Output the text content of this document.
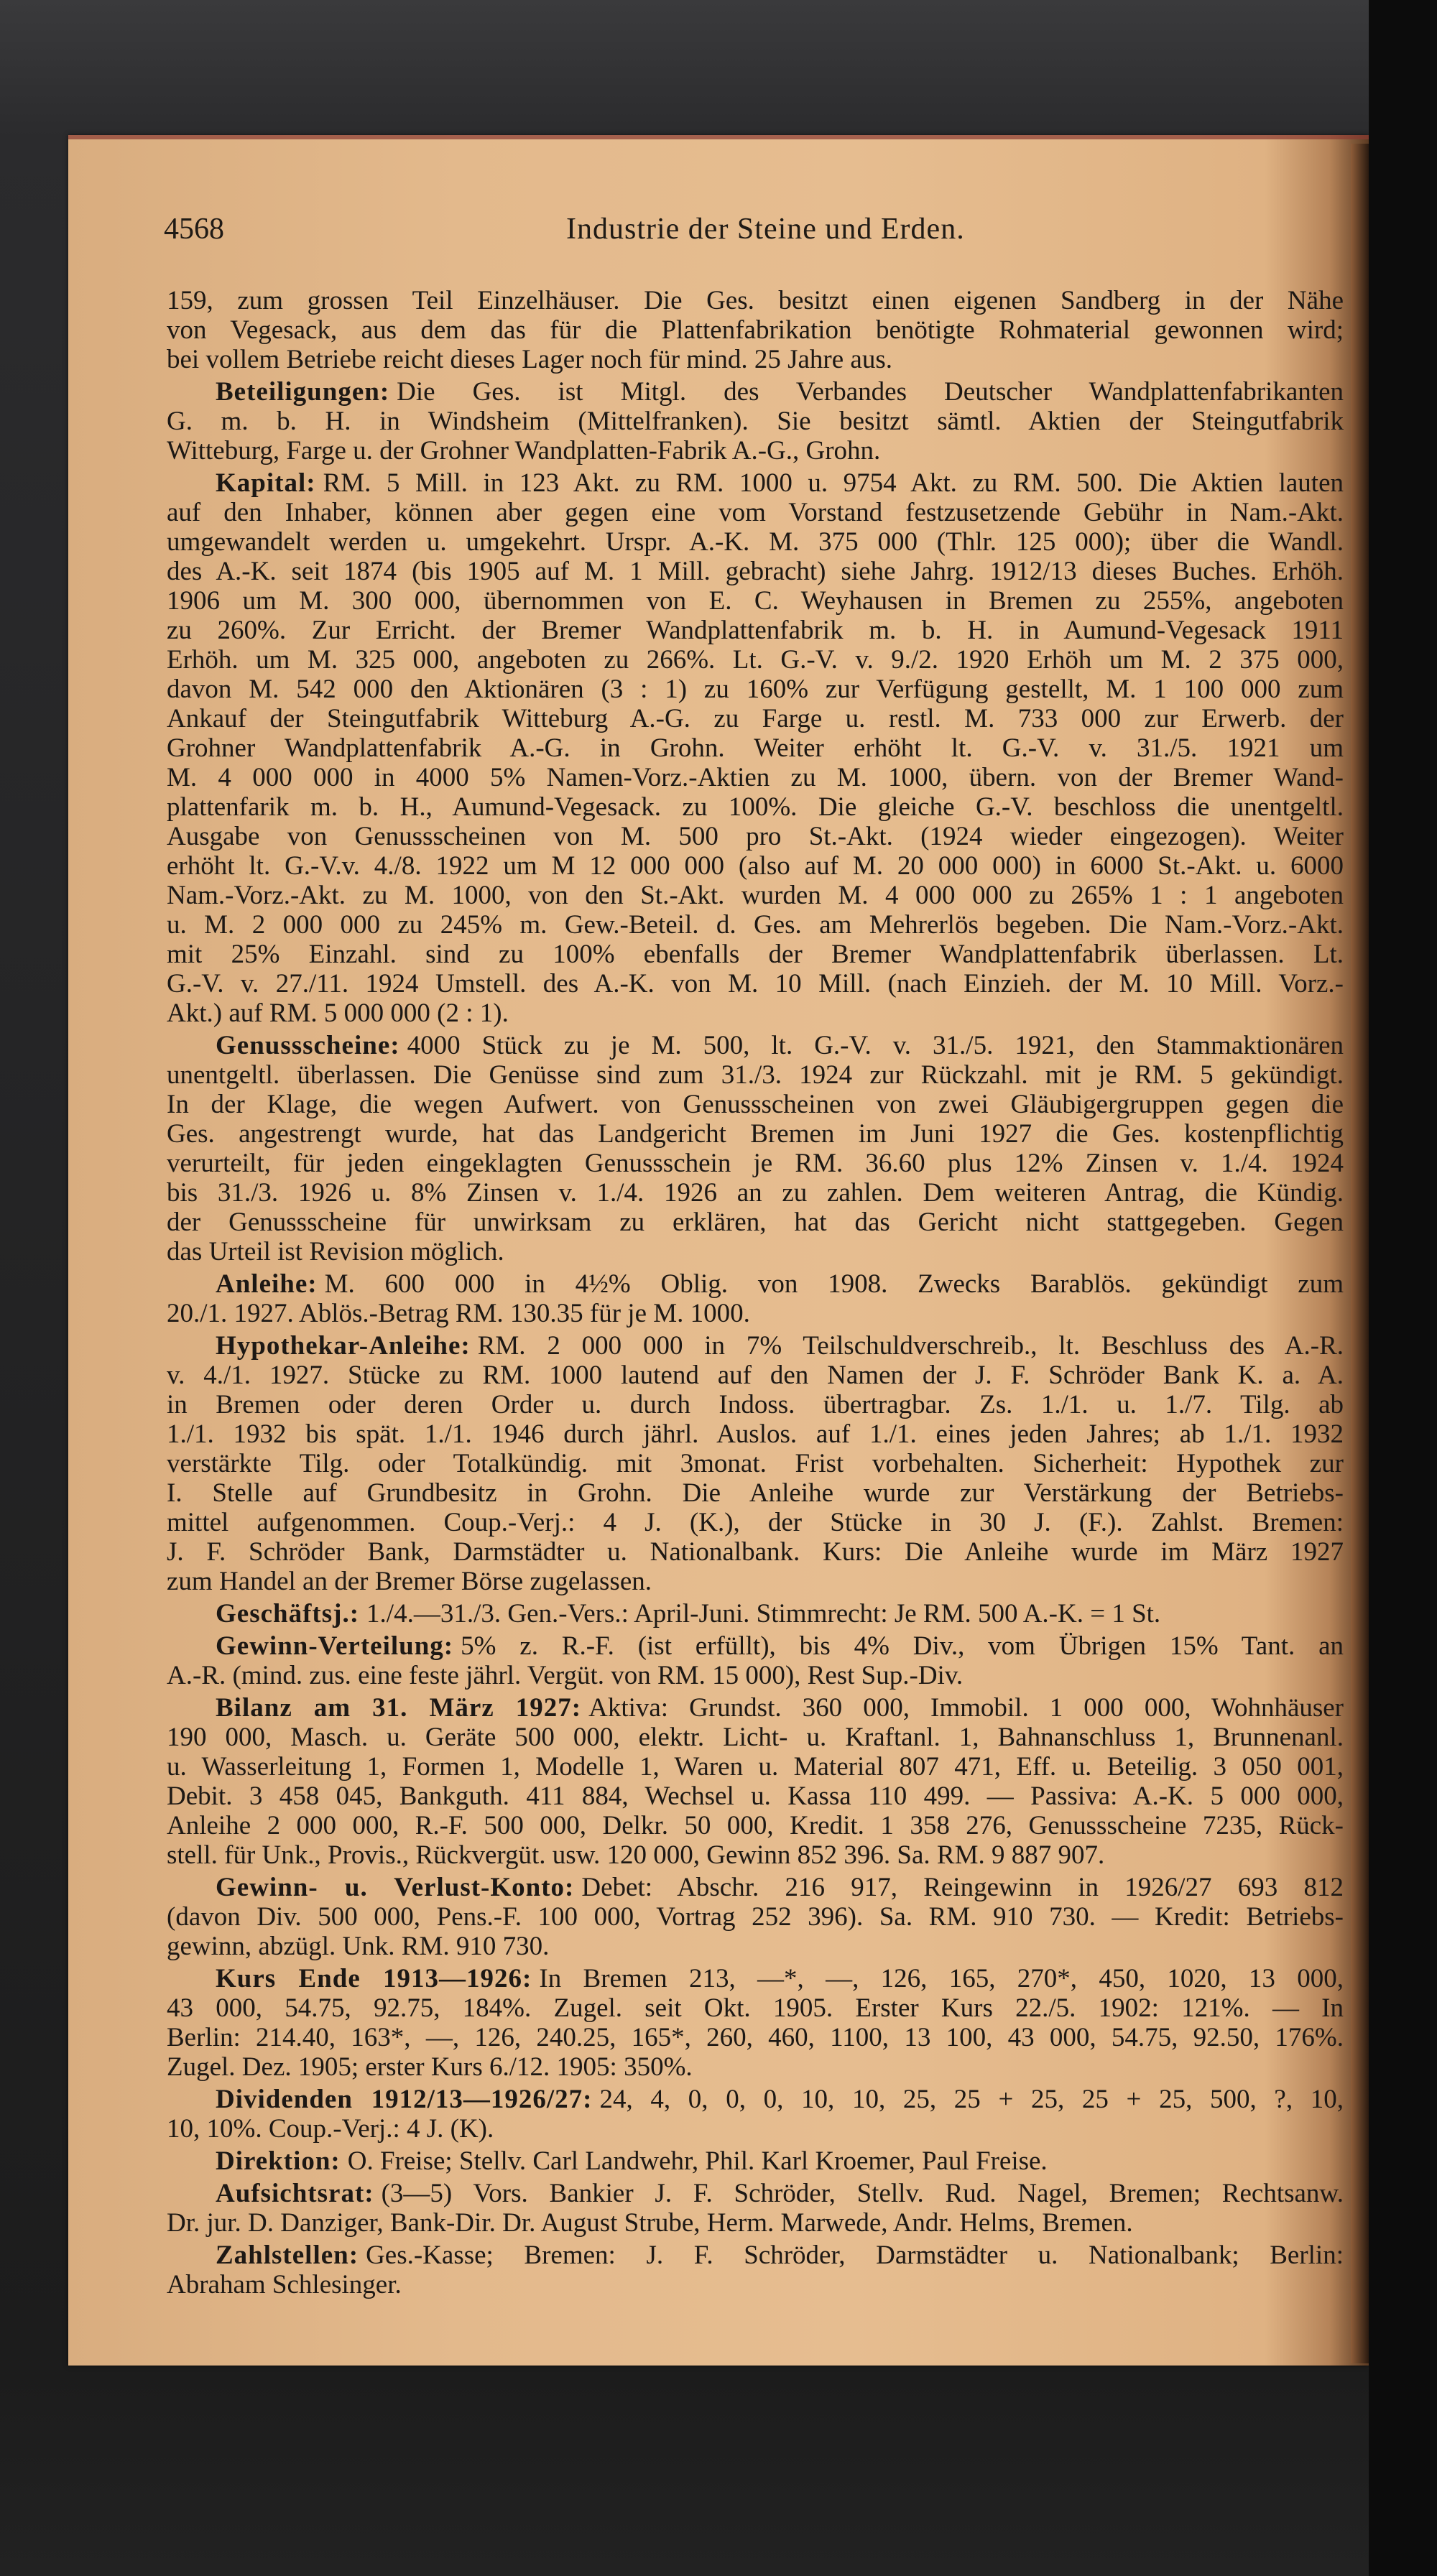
4568	Industrie der Steine und Erden.
159, zum grossen Teil Einzelhäuser. Die Ges. besitzt einen eigenen Sandberg in der Nähe
von Vegesack, aus dem das für die Plattenfabrikation benötigte Rohmaterial gewonnen wird;
bei vollem Betriebe reicht dieses Lager noch für mind. 25 Jahre aus.
Beteiligungen: Die Ges. ist Mitgl. des Verbandes Deutscher Wandplattenfabrikanten
G. m. b. H. in Windsheim (Mittelfranken). Sie besitzt sämtl. Aktien der Steingutfabrik
Witteburg, Farge u. der Grohner Wandplatten-Fabrik A.-G., Grohn.
Kapital: RM. 5 Mill. in 123 Akt. zu RM. 1000 u. 9754 Akt. zu RM. 500. Die Aktien lauten
auf den Inhaber, können aber gegen eine vom Vorstand festzusetzende Gebühr in Nam.-Akt.
umgewandelt werden u. umgekehrt. Urspr. A.-K. M. 375 000 (Thlr. 125 000); über die Wandl.
des A.-K. seit 1874 (bis 1905 auf M. 1 Mill. gebracht) siehe Jahrg. 1912/13 dieses Buches. Erhöh.
1906 um M. 300 000, übernommen von E. C. Weyhausen in Bremen zu 255%, angeboten
zu 260%. Zur Erricht. der Bremer Wandplattenfabrik m. b. H. in Aumund-Vegesack 1911
Erhöh. um M. 325 000, angeboten zu 266%. Lt. G.-V. v. 9./2. 1920 Erhöh um M. 2 375 000,
davon M. 542 000 den Aktionären (3 : 1) zu 160% zur Verfügung gestellt, M. 1 100 000 zum
Ankauf der Steingutfabrik Witteburg A.-G. zu Farge u. restl. M. 733 000 zur Erwerb. der
Grohner Wandplattenfabrik A.-G. in Grohn. Weiter erhöht lt. G.-V. v. 31./5. 1921 um
M. 4 000 000 in 4000 5% Namen-Vorz.-Aktien zu M. 1000, übern. von der Bremer Wand-
plattenfarik m. b. H., Aumund-Vegesack. zu 100%. Die gleiche G.-V. beschloss die unentgeltl.
Ausgabe von Genussscheinen von M. 500 pro St.-Akt. (1924 wieder eingezogen). Weiter
erhöht lt. G.-V.v. 4./8. 1922 um M 12 000 000 (also auf M. 20 000 000) in 6000 St.-Akt. u. 6000
Nam.-Vorz.-Akt. zu M. 1000, von den St.-Akt. wurden M. 4 000 000 zu 265% 1 : 1 angeboten
u. M. 2 000 000 zu 245% m. Gew.-Beteil. d. Ges. am Mehrerlös begeben. Die Nam.-Vorz.-Akt.
mit 25% Einzahl. sind zu 100% ebenfalls der Bremer Wandplattenfabrik überlassen. Lt.
G.-V. v. 27./11. 1924 Umstell. des A.-K. von M. 10 Mill. (nach Einzieh. der M. 10 Mill. Vorz.-
Akt.) auf RM. 5 000 000 (2 : 1).
Genussscheine: 4000 Stück zu je M. 500, lt. G.-V. v. 31./5. 1921, den Stammaktionären
unentgeltl. überlassen. Die Genüsse sind zum 31./3. 1924 zur Rückzahl. mit je RM. 5 gekündigt.
In der Klage, die wegen Aufwert. von Genussscheinen von zwei Gläubigergruppen gegen die
Ges. angestrengt wurde, hat das Landgericht Bremen im Juni 1927 die Ges. kostenpflichtig
verurteilt, für jeden eingeklagten Genussschein je RM. 36.60 plus 12% Zinsen v. 1./4. 1924
bis 31./3. 1926 u. 8% Zinsen v. 1./4. 1926 an zu zahlen. Dem weiteren Antrag, die Kündig.
der Genussscheine für unwirksam zu erklären, hat das Gericht nicht stattgegeben. Gegen
das Urteil ist Revision möglich.
Anleihe: M. 600 000 in 4½% Oblig. von 1908. Zwecks Barablös. gekündigt zum
20./1. 1927. Ablös.-Betrag RM. 130.35 für je M. 1000.
Hypothekar-Anleihe: RM. 2 000 000 in 7% Teilschuldverschreib., lt. Beschluss des A.-R.
v. 4./1. 1927. Stücke zu RM. 1000 lautend auf den Namen der J. F. Schröder Bank K. a. A.
in Bremen oder deren Order u. durch Indoss. übertragbar. Zs. 1./1. u. 1./7. Tilg. ab
1./1. 1932 bis spät. 1./1. 1946 durch jährl. Auslos. auf 1./1. eines jeden Jahres; ab 1./1. 1932
verstärkte Tilg. oder Totalkündig. mit 3monat. Frist vorbehalten. Sicherheit: Hypothek zur
I. Stelle auf Grundbesitz in Grohn. Die Anleihe wurde zur Verstärkung der Betriebs-
mittel aufgenommen. Coup.-Verj.: 4 J. (K.), der Stücke in 30 J. (F.). Zahlst. Bremen:
J. F. Schröder Bank, Darmstädter u. Nationalbank. Kurs: Die Anleihe wurde im März 1927
zum Handel an der Bremer Börse zugelassen.
Geschäftsj.: 1./4.—31./3. Gen.-Vers.: April-Juni. Stimmrecht: Je RM. 500 A.-K. = 1 St.
Gewinn-Verteilung: 5% z. R.-F. (ist erfüllt), bis 4% Div., vom Übrigen 15% Tant. an
A.-R. (mind. zus. eine feste jährl. Vergüt. von RM. 15 000), Rest Sup.-Div.
Bilanz am 31. März 1927: Aktiva: Grundst. 360 000, Immobil. 1 000 000, Wohnhäuser
190 000, Masch. u. Geräte 500 000, elektr. Licht- u. Kraftanl. 1, Bahnanschluss 1, Brunnenanl.
u. Wasserleitung 1, Formen 1, Modelle 1, Waren u. Material 807 471, Eff. u. Beteilig. 3 050 001,
Debit. 3 458 045, Bankguth. 411 884, Wechsel u. Kassa 110 499. — Passiva: A.-K. 5 000 000,
Anleihe 2 000 000, R.-F. 500 000, Delkr. 50 000, Kredit. 1 358 276, Genussscheine 7235, Rück-
stell. für Unk., Provis., Rückvergüt. usw. 120 000, Gewinn 852 396. Sa. RM. 9 887 907.
Gewinn- u. Verlust-Konto: Debet: Abschr. 216 917, Reingewinn in 1926/27 693 812
(davon Div. 500 000, Pens.-F. 100 000, Vortrag 252 396). Sa. RM. 910 730. — Kredit: Betriebs-
gewinn, abzügl. Unk. RM. 910 730.
Kurs Ende 1913—1926: In Bremen 213, —*, —, 126, 165, 270*, 450, 1020, 13 000,
43 000, 54.75, 92.75, 184%. Zugel. seit Okt. 1905. Erster Kurs 22./5. 1902: 121%. — In
Berlin: 214.40, 163*, —, 126, 240.25, 165*, 260, 460, 1100, 13 100, 43 000, 54.75, 92.50, 176%.
Zugel. Dez. 1905; erster Kurs 6./12. 1905: 350%.
Dividenden 1912/13—1926/27: 24, 4, 0, 0, 0, 10, 10, 25, 25 + 25, 25 + 25, 500, ?, 10,
10, 10%. Coup.-Verj.: 4 J. (K).
Direktion: O. Freise; Stellv. Carl Landwehr, Phil. Karl Kroemer, Paul Freise.
Aufsichtsrat: (3—5) Vors. Bankier J. F. Schröder, Stellv. Rud. Nagel, Bremen; Rechtsanw.
Dr. jur. D. Danziger, Bank-Dir. Dr. August Strube, Herm. Marwede, Andr. Helms, Bremen.
Zahlstellen: Ges.-Kasse; Bremen: J. F. Schröder, Darmstädter u. Nationalbank; Berlin:
Abraham Schlesinger.
